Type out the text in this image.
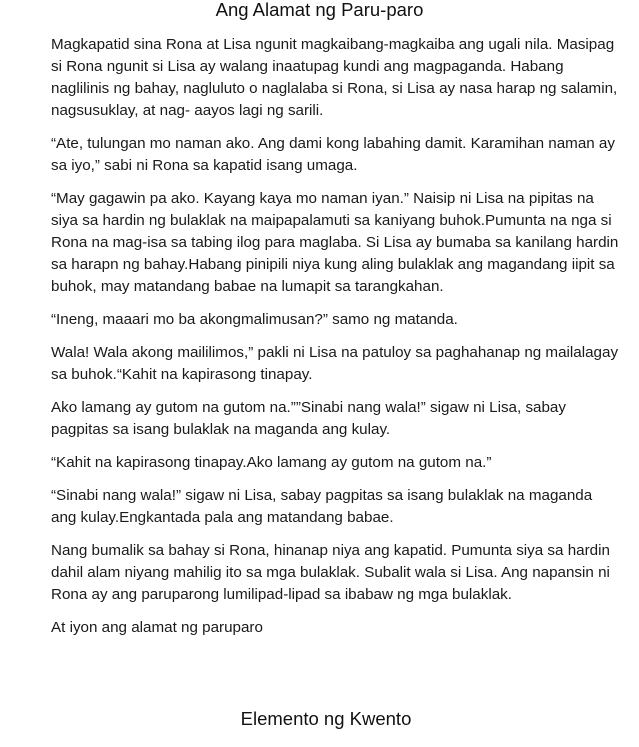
Ang Alamat ng Paru-paro

Magkapatid sina Rona at Lisa ngunit magkaibang-magkaiba ang ugali nila. Masipag si Rona ngunit si Lisa ay walang inaatupag kundi ang magpaganda. Habang naglilinis ng bahay, nagluluto o naglalaba si Rona, si Lisa ay nasa harap ng salamin, nagsusuklay, at nag- aayos lagi ng sarili.

“Ate, tulungan mo naman ako. Ang dami kong labahing damit. Karamihan naman ay sa iyo,” sabi ni Rona sa kapatid isang umaga.

“May gagawin pa ako. Kayang kaya mo naman iyan.” Naisip ni Lisa na pipitas na siya sa hardin ng bulaklak na maipapalamuti sa kaniyang buhok.Pumunta na nga si Rona na mag-isa sa tabing ilog para maglaba. Si Lisa ay bumaba sa kanilang hardin sa harapn ng bahay.Habang pinipili niya kung aling bulaklak ang magandang iipit sa buhok, may matandang babae na lumapit sa tarangkahan.

“Ineng, maaari mo ba akongmalimusan?” samo ng matanda.

Wala! Wala akong maililimos,” pakli ni Lisa na patuloy sa paghahanap ng mailalagay sa buhok.“Kahit na kapirasong tinapay.

Ako lamang ay gutom na gutom na.””Sinabi nang wala!” sigaw ni Lisa, sabay pagpitas sa isang bulaklak na maganda ang kulay.

“Kahit na kapirasong tinapay.Ako lamang ay gutom na gutom na.”

“Sinabi nang wala!” sigaw ni Lisa, sabay pagpitas sa isang bulaklak na maganda ang kulay.Engkantada pala ang matandang babae.

Nang bumalik sa bahay si Rona, hinanap niya ang kapatid. Pumunta siya sa hardin dahil alam niyang mahilig ito sa mga bulaklak. Subalit wala si Lisa. Ang napansin ni Rona ay ang paruparong lumilipad-lipad sa ibabaw ng mga bulaklak.

At iyon ang alamat ng paruparo

Elemento ng Kwento
